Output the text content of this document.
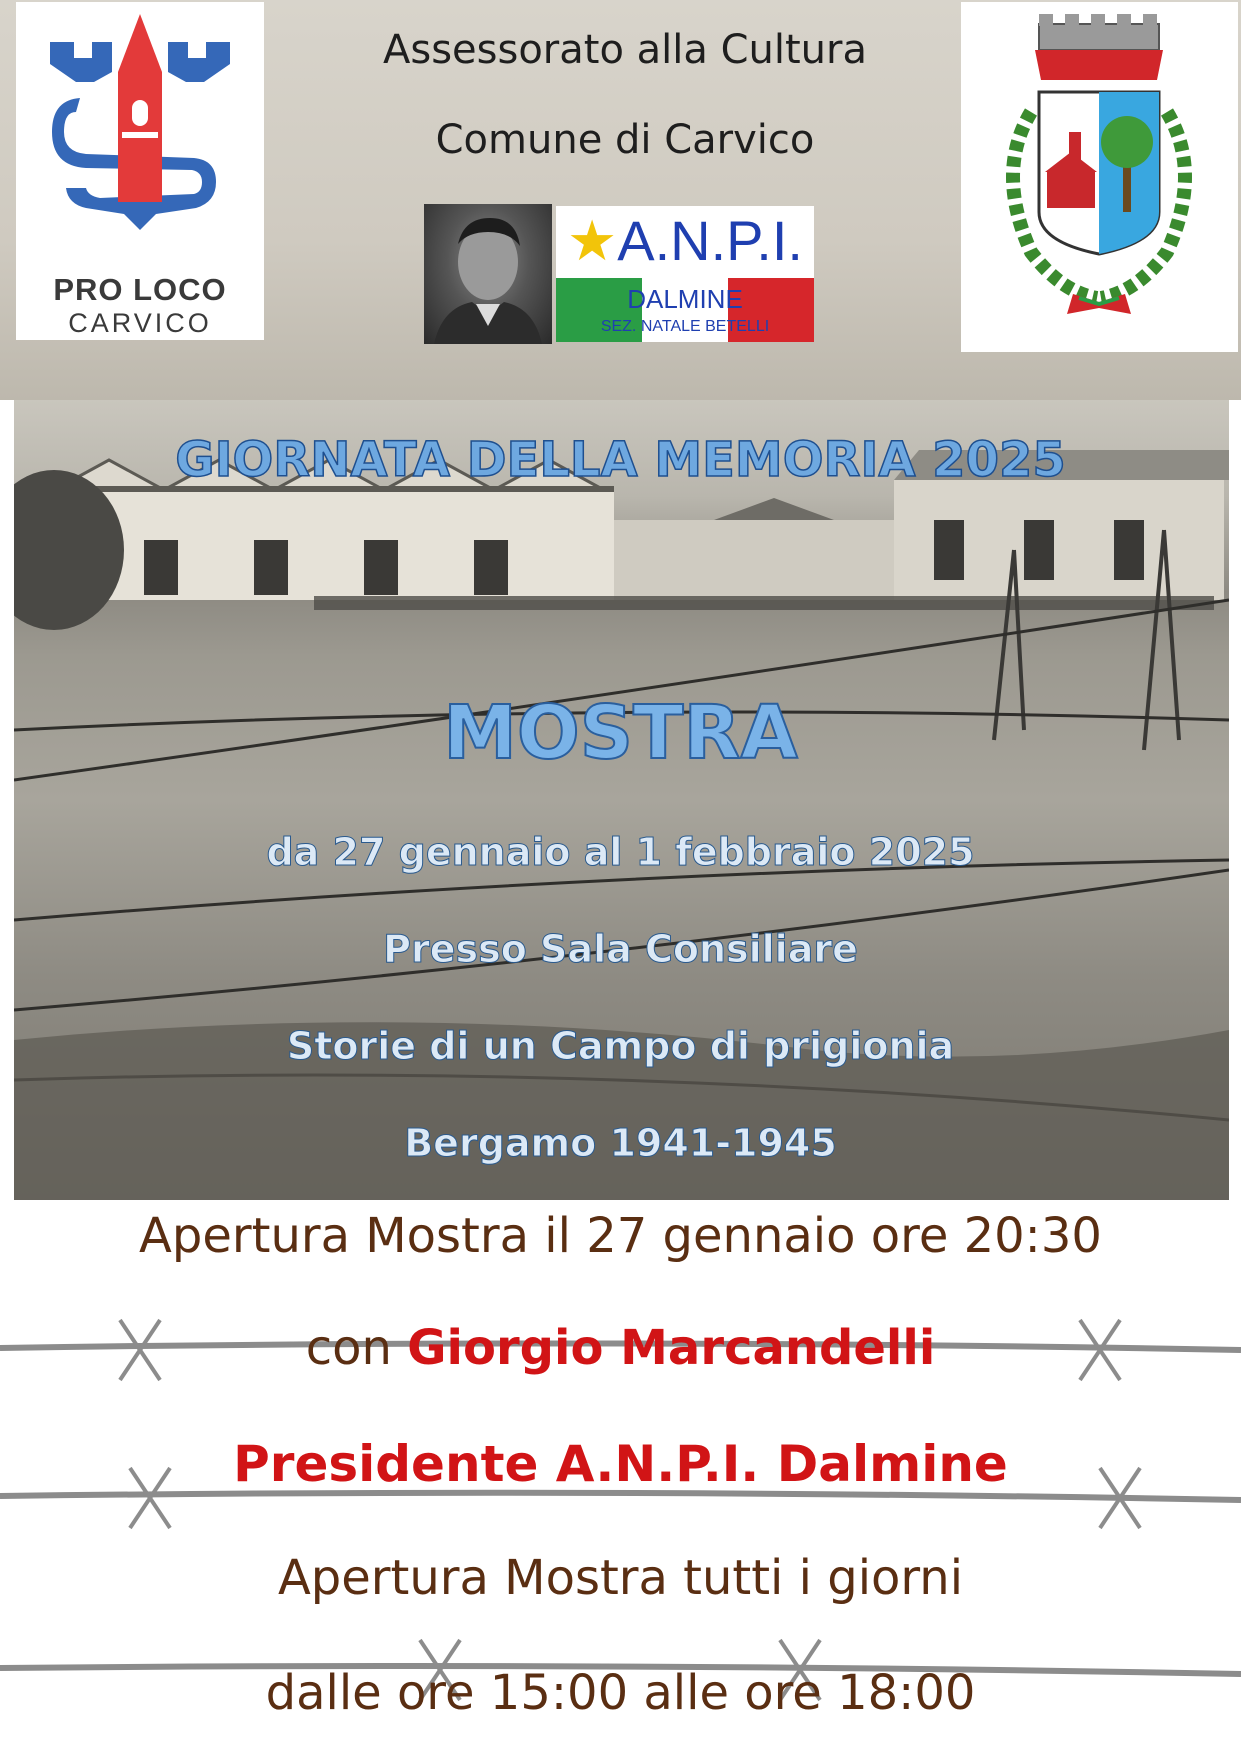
PRO LOCO
CARVICO
Assessorato alla Cultura
Comune di Carvico
★A.N.P.I.
DALMINE
SEZ. NATALE BETELLI
GIORNATA DELLA MEMORIA 2025
MOSTRA
da 27 gennaio al 1 febbraio 2025
Presso Sala Consiliare
Storie di un Campo di prigionia
Bergamo 1941-1945
Apertura Mostra il 27 gennaio ore 20:30
con Giorgio Marcandelli
Presidente A.N.P.I. Dalmine
Apertura Mostra tutti i giorni
dalle ore 15:00 alle ore 18:00
